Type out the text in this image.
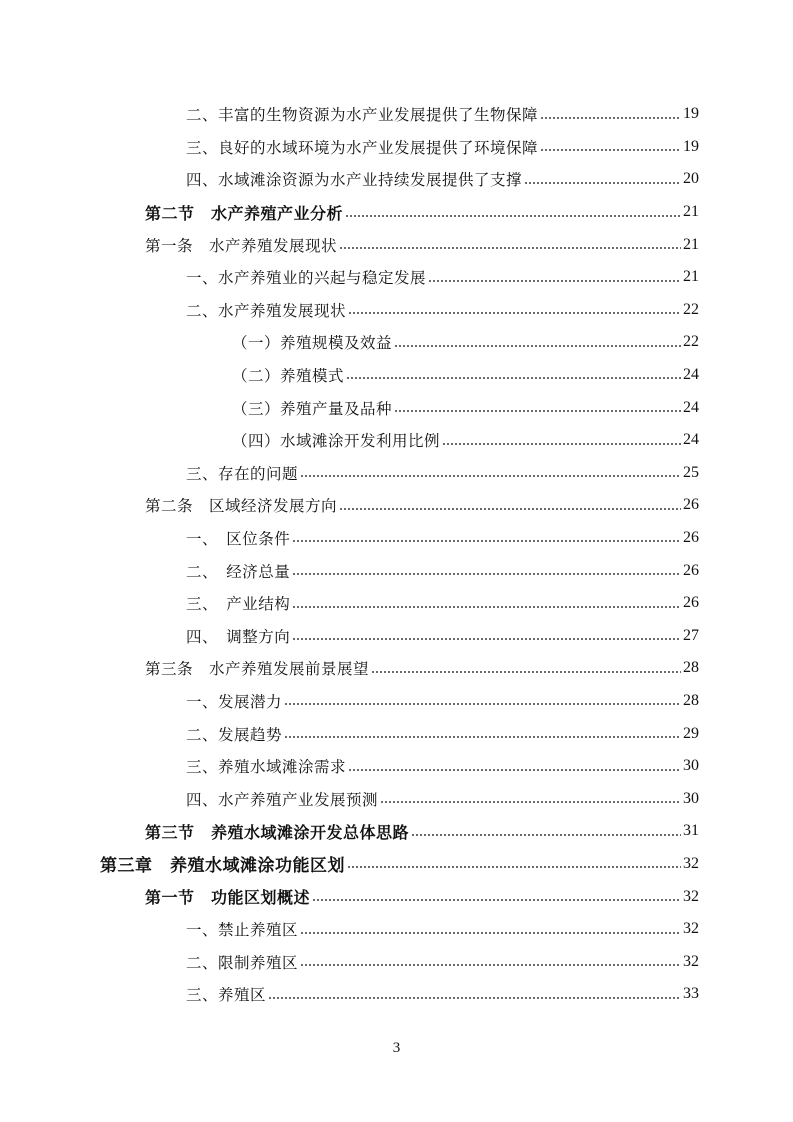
二、丰富的生物资源为水产业发展提供了生物保障	19
三、良好的水域环境为水产业发展提供了环境保障	19
四、水域滩涂资源为水产业持续发展提供了支撑	20
第二节　水产养殖产业分析	21
第一条　水产养殖发展现状	21
一、水产养殖业的兴起与稳定发展	21
二、水产养殖发展现状	22
（一）养殖规模及效益	22
（二）养殖模式	24
（三）养殖产量及品种	24
（四）水域滩涂开发利用比例	24
三、存在的问题	25
第二条　区域经济发展方向	26
一、　区位条件	26
二、　经济总量	26
三、　产业结构	26
四、　调整方向	27
第三条　水产养殖发展前景展望	28
一、发展潜力	28
二、发展趋势	29
三、养殖水域滩涂需求	30
四、水产养殖产业发展预测	30
第三节　养殖水域滩涂开发总体思路	31
第三章　养殖水域滩涂功能区划	32
第一节　功能区划概述	32
一、禁止养殖区	32
二、限制养殖区	32
三、养殖区	33
3
